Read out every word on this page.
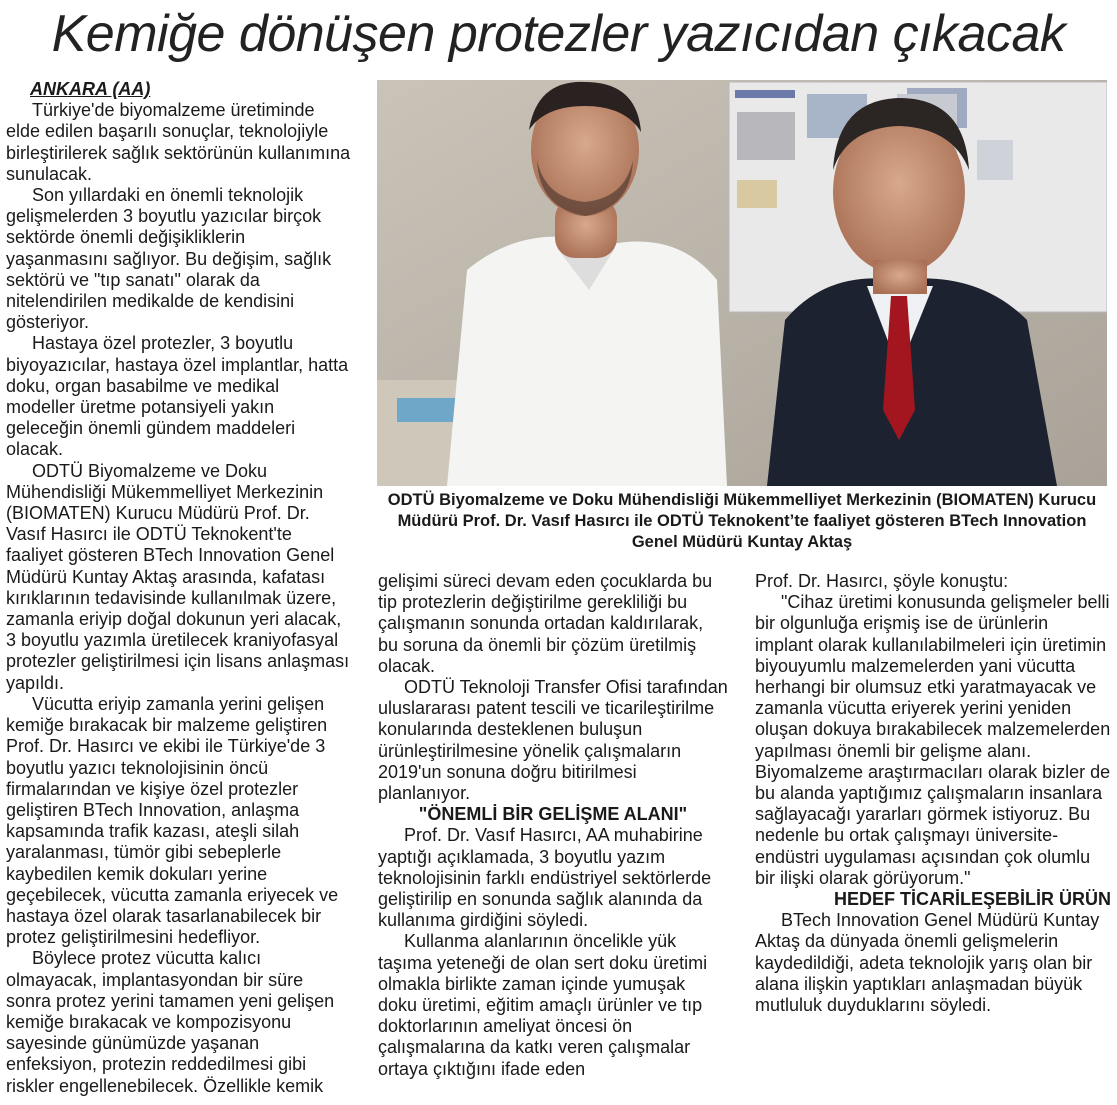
Kemiğe dönüşen protezler yazıcıdan çıkacak
ANKARA (AA)

Türkiye'de biyomalzeme üretiminde elde edilen başarılı sonuçlar, teknolojiyle birleştirilerek sağlık sektörünün kullanımına sunulacak.

Son yıllardaki en önemli teknolojik gelişmelerden 3 boyutlu yazıcılar birçok sektörde önemli değişikliklerin yaşanmasını sağlıyor. Bu değişim, sağlık sektörü ve "tıp sanatı" olarak da nitelendirilen medikalde de kendisini gösteriyor.

Hastaya özel protezler, 3 boyutlu biyoyazıcılar, hastaya özel implantlar, hatta doku, organ basabilme ve medikal modeller üretme potansiyeli yakın geleceğin önemli gündem maddeleri olacak.

ODTÜ Biyomalzeme ve Doku Mühendisliği Mükemmelliyet Merkezinin (BIOMATEN) Kurucu Müdürü Prof. Dr. Vasıf Hasırcı ile ODTÜ Teknokent'te faaliyet gösteren BTech Innovation Genel Müdürü Kuntay Aktaş arasında, kafatası kırıklarının tedavisinde kullanılmak üzere, zamanla eriyip doğal dokunun yeri alacak, 3 boyutlu yazımla üretilecek kraniyofasyal protezler geliştirilmesi için lisans anlaşması yapıldı.

Vücutta eriyip zamanla yerini gelişen kemiğe bırakacak bir malzeme geliştiren Prof. Dr. Hasırcı ve ekibi ile Türkiye'de 3 boyutlu yazıcı teknolojisinin öncü firmalarından ve kişiye özel protezler geliştiren BTech Innovation, anlaşma kapsamında trafik kazası, ateşli silah yaralanması, tümör gibi sebeplerle kaybedilen kemik dokuları yerine geçebilecek, vücutta zamanla eriyecek ve hastaya özel olarak tasarlanabilecek bir protez geliştirilmesini hedefliyor.

Böylece protez vücutta kalıcı olmayacak, implantasyondan bir süre sonra protez yerini tamamen yeni gelişen kemiğe bırakacak ve kompozisyonu sayesinde günümüzde yaşanan enfeksiyon, protezin reddedilmesi gibi riskler engellenebilecek. Özellikle kemik

ODTÜ Biyomalzeme ve Doku Mühendisliği Mükemmelliyet Merkezinin (BIOMATEN) Kurucu Müdürü Prof. Dr. Vasıf Hasırcı ile ODTÜ Teknokent’te faaliyet gösteren BTech Innovation Genel Müdürü Kuntay Aktaş

gelişimi süreci devam eden çocuklarda bu tip protezlerin değiştirilme gerekliliği bu çalışmanın sonunda ortadan kaldırılarak, bu soruna da önemli bir çözüm üretilmiş olacak.

ODTÜ Teknoloji Transfer Ofisi tarafından uluslararası patent tescili ve ticarileştirilme konularında desteklenen buluşun ürünleştirilmesine yönelik çalışmaların 2019'un sonuna doğru bitirilmesi planlanıyor.

"ÖNEMLİ BİR GELİŞME ALANI"

Prof. Dr. Vasıf Hasırcı, AA muhabirine yaptığı açıklamada, 3 boyutlu yazım teknolojisinin farklı endüstriyel sektörlerde geliştirilip en sonunda sağlık alanında da kullanıma girdiğini söyledi.

Kullanma alanlarının öncelikle yük taşıma yeteneği de olan sert doku üretimi olmakla birlikte zaman içinde yumuşak doku üretimi, eğitim amaçlı ürünler ve tıp doktorlarının ameliyat öncesi ön çalışmalarına da katkı veren çalışmalar ortaya çıktığını ifade eden

Prof. Dr. Hasırcı, şöyle konuştu:

"Cihaz üretimi konusunda gelişmeler belli bir olgunluğa erişmiş ise de ürünlerin implant olarak kullanılabilmeleri için üretimin biyouyumlu malzemelerden yani vücutta herhangi bir olumsuz etki yaratmayacak ve zamanla vücutta eriyerek yerini yeniden oluşan dokuya bırakabilecek malzemelerden yapılması önemli bir gelişme alanı. Biyomalzeme araştırmacıları olarak bizler de bu alanda yaptığımız çalışmaların insanlara sağlayacağı yararları görmek istiyoruz. Bu nedenle bu ortak çalışmayı üniversite-endüstri uygulaması açısından çok olumlu bir ilişki olarak görüyorum."

HEDEF TİCARİLEŞEBİLİR ÜRÜN

BTech Innovation Genel Müdürü Kuntay Aktaş da dünyada önemli gelişmelerin kaydedildiği, adeta teknolojik yarış olan bir alana ilişkin yaptıkları anlaşmadan büyük mutluluk duyduklarını söyledi.
